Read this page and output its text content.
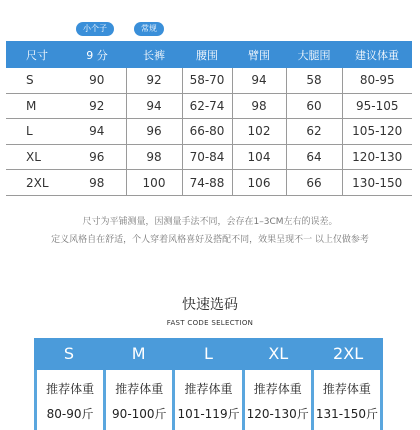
小个子	常规
尺寸	9 分	长裤	腰围	臂围	大腿围	建议体重
S	90	92	58-70	94	58	80-95
M	92	94	62-74	98	60	95-105
L	94	96	66-80	102	62	105-120
XL	96	98	70-84	104	64	120-130
2XL	98	100	74-88	106	66	130-150
尺寸为平铺测量，因测量手法不同，会存在1–3CM左右的误差。
定义风格自在舒适，个人穿着风格喜好及搭配不同，效果呈现不一 以上仅做参考
快速选码
FAST CODE SELECTION
S	M	L	XL	2XL
推荐体重
80-90斤
推荐体重
90-100斤
推荐体重
101-119斤
推荐体重
120-130斤
推荐体重
131-150斤
